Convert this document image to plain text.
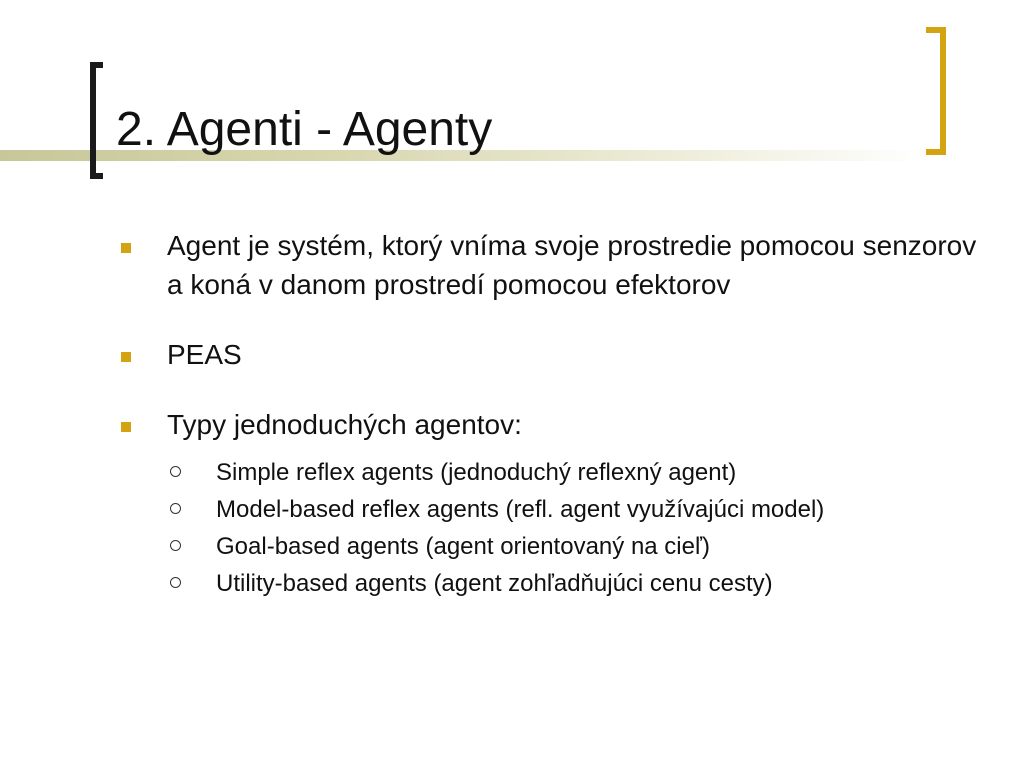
2. Agenti - Agenty
Agent je systém, ktorý vníma svoje prostredie pomocou senzorov a koná v danom prostredí pomocou efektorov
PEAS
Typy jednoduchých agentov:
Simple reflex agents (jednoduchý reflexný agent)
Model-based reflex agents (refl. agent využívajúci model)
Goal-based agents (agent orientovaný na cieľ)
Utility-based agents (agent zohľadňujúci cenu cesty)
